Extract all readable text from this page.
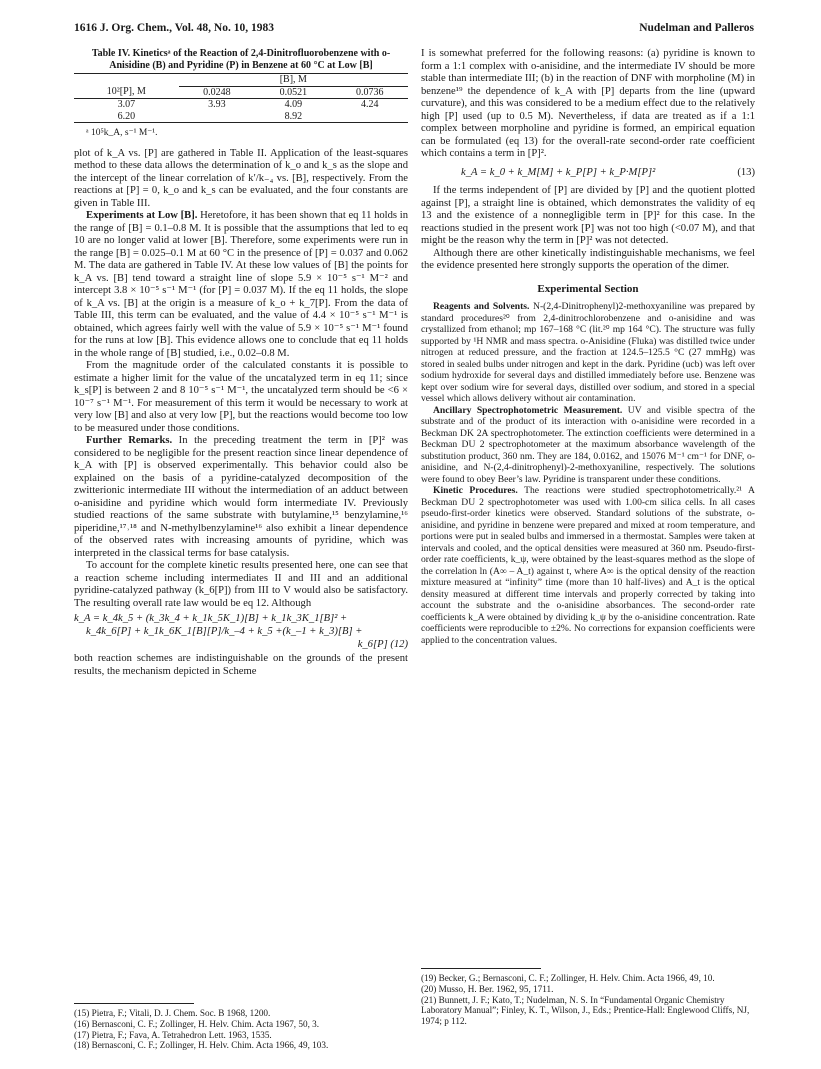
1616 J. Org. Chem., Vol. 48, No. 10, 1983	Nudelman and Palleros
Table IV. Kineticsᵃ of the Reaction of 2,4-Dinitrofluorobenzene with o-Anisidine (B) and Pyridine (P) in Benzene at 60 °C at Low [B]
	[B], M		
10²[P], M	0.0248	0.0521	0.0736
3.07	3.93	4.09	4.24
6.20		8.92	
ᵃ 10⁵k_A, s⁻¹ M⁻¹.

plot of k_A vs. [P] are gathered in Table II. Application of the least-squares method to these data allows the determination of k_o and k_s as the slope and the intercept of the linear correlation of k′/k₋₄ vs. [B], respectively. From the reactions at [P] = 0, k_o and k_s can be evaluated, and the four constants are given in Table III.

Experiments at Low [B]. Heretofore, it has been shown that eq 11 holds in the range of [B] = 0.1–0.8 M. It is possible that the assumptions that led to eq 10 are no longer valid at lower [B]. Therefore, some experiments were run in the range [B] = 0.025–0.1 M at 60 °C in the presence of [P] = 0.037 and 0.062 M. The data are gathered in Table IV. At these low values of [B] the points for k_A vs. [B] tend toward a straight line of slope 5.9 × 10⁻⁵ s⁻¹ M⁻² and intercept 3.8 × 10⁻⁵ s⁻¹ M⁻¹ (for [P] = 0.037 M). If the eq 11 holds, the slope of k_A vs. [B] at the origin is a measure of k_o + k_7[P]. From the data of Table III, this term can be evaluated, and the value of 4.4 × 10⁻⁵ s⁻¹ M⁻¹ is obtained, which agrees fairly well with the value of 5.9 × 10⁻⁵ s⁻¹ M⁻¹ found for the runs at low [B]. This evidence allows one to conclude that eq 11 holds in the whole range of [B] studied, i.e., 0.02–0.8 M.

From the magnitude order of the calculated constants it is possible to estimate a higher limit for the value of the uncatalyzed term in eq 11; since k_s[P] is between 2 and 8 10⁻⁵ s⁻¹ M⁻¹, the uncatalyzed term should be <6 × 10⁻⁷ s⁻¹ M⁻¹. For measurement of this term it would be necessary to work at very low [B] and also at very low [P], but the reactions would become too low to be measured under those conditions.

Further Remarks. In the preceding treatment the term in [P]² was considered to be negligible for the present reaction since linear dependence of k_A with [P] is observed experimentally. This behavior could also be explained on the basis of a pyridine-catalyzed decomposition of the zwitterionic intermediate III without the intermediation of an adduct between o-anisidine and pyridine which would form intermediate IV. Previously studied reactions of the same substrate with butylamine,¹⁵ benzylamine,¹⁶ piperidine,¹⁷˒¹⁸ and N-methylbenzylamine¹⁶ also exhibit a linear dependence of the observed rates with increasing amounts of pyridine, which was interpreted in the classical terms for base catalysis.

To account for the complete kinetic results presented here, one can see that a reaction scheme including intermediates II and III and an additional pyridine-catalyzed pathway (k_6[P]) from III to V would also be satisfactory. The resulting overall rate law would be eq 12. Although

k_A = k_4k_5 + (k_3k_4 + k_1k_5K_1)[B] + k_1k_3K_1[B]² +
k_4k_6[P] + k_1k_6K_1[B][P]/k_–4 + k_5 +(k_–1 + k_3)[B] +
k_6[P] (12)

both reaction schemes are indistinguishable on the grounds of the present results, the mechanism depicted in Scheme

(15) Pietra, F.; Vitali, D. J. Chem. Soc. B 1968, 1200.
(16) Bernasconi, C. F.; Zollinger, H. Helv. Chim. Acta 1967, 50, 3.
(17) Pietra, F.; Fava, A. Tetrahedron Lett. 1963, 1535.
(18) Bernasconi, C. F.; Zollinger, H. Helv. Chim. Acta 1966, 49, 103.

I is somewhat preferred for the following reasons: (a) pyridine is known to form a 1:1 complex with o-anisidine, and the intermediate IV should be more stable than intermediate III; (b) in the reaction of DNF with morpholine (M) in benzene¹⁹ the dependence of k_A with [P] departs from the line (upward curvature), and this was considered to be a medium effect due to the relatively high [P] used (up to 0.5 M). Nevertheless, if data are treated as if a 1:1 complex between morpholine and pyridine is formed, an empirical equation can be formulated (eq 13) for the overall-rate second-order rate coefficient which contains a term in [P]².

k_A = k_0 + k_M[M] + k_P[P] + k_P·M[P]²	(13)

If the terms independent of [P] are divided by [P] and the quotient plotted against [P], a straight line is obtained, which demonstrates the validity of eq 13 and the existence of a nonnegligible term in [P]² for this case. In the reactions studied in the present work [P] was not too high (<0.07 M), and that might be the reason why the term in [P]² was not detected.

Although there are other kinetically indistinguishable mechanisms, we feel the evidence presented here strongly supports the operation of the dimer.

Experimental Section

Reagents and Solvents. N-(2,4-Dinitrophenyl)2-methoxyaniline was prepared by standard procedures²⁰ from 2,4-dinitrochlorobenzene and o-anisidine and was crystallized from ethanol; mp 167–168 °C (lit.²⁰ mp 164 °C). The structure was fully supported by ¹H NMR and mass spectra. o-Anisidine (Fluka) was distilled twice under nitrogen at reduced pressure, and the fraction at 124.5–125.5 °C (27 mmHg) was stored in sealed bulbs under nitrogen and kept in the dark. Pyridine (ucb) was left over sodium hydroxide for several days and distilled immediately before use. Benzene was kept over sodium wire for several days, distilled over sodium, and stored in a special vessel which allows delivery without air contamination.

Ancillary Spectrophotometric Measurement. UV and visible spectra of the substrate and of the product of its interaction with o-anisidine were recorded in a Beckman DK 2A spectrophotometer. The extinction coefficients were determined in a Beckman DU 2 spectrophotometer at the maximum absorbance wavelength of the substitution product, 360 nm. They are 184, 0.0162, and 15076 M⁻¹ cm⁻¹ for DNF, o-anisidine, and N-(2,4-dinitrophenyl)-2-methoxyaniline, respectively. The solutions were found to obey Beer’s law. Pyridine is transparent under these conditions.

Kinetic Procedures. The reactions were studied spectrophotometrically.²¹ A Beckman DU 2 spectrophotometer was used with 1.00-cm silica cells. In all cases pseudo-first-order kinetics were observed. Standard solutions of the substrate, o-anisidine, and pyridine in benzene were prepared and mixed at room temperature, and portions were put in sealed bulbs and immersed in a thermostat. Samples were taken at intervals and cooled, and the optical densities were measured at 360 nm. Pseudo-first-order rate coefficients, k_ψ, were obtained by the least-squares method as the slope of the correlation ln (A∞ – A_t) against t, where A∞ is the optical density of the reaction mixture measured at “infinity” time (more than 10 half-lives) and A_t is the optical density measured at different time intervals and properly corrected by taking into account the substrate and the o-anisidine absorbances. The second-order rate coefficients k_A were obtained by dividing k_ψ by the o-anisidine concentration. Rate coefficients were reproducible to ±2%. No corrections for expansion coefficients were applied to the concentration values.

(19) Becker, G.; Bernasconi, C. F.; Zollinger, H. Helv. Chim. Acta 1966, 49, 10.
(20) Musso, H. Ber. 1962, 95, 1711.
(21) Bunnett, J. F.; Kato, T.; Nudelman, N. S. In “Fundamental Organic Chemistry Laboratory Manual”; Finley, K. T., Wilson, J., Eds.; Prentice-Hall: Englewood Cliffs, NJ, 1974; p 112.
